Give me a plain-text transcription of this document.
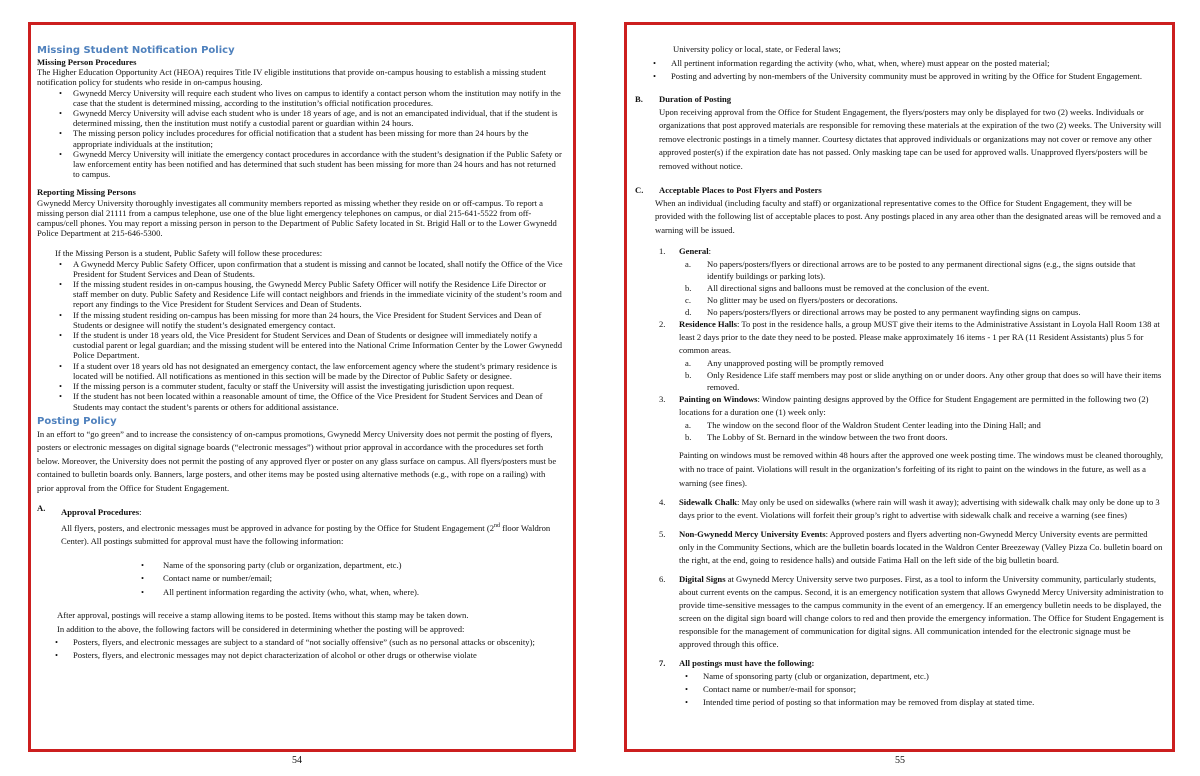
Missing Student Notification Policy

Missing Person Procedures

The Higher Education Opportunity Act (HEOA) requires Title IV eligible institutions that provide on-campus housing to establish a missing student notification policy for students who reside in on-campus housing.

• Gwynedd Mercy University will require each student who lives on campus to identify a contact person whom the institution may notify in the case that the student is determined missing, according to the institution’s official notification procedures.
• Gwynedd Mercy University will advise each student who is under 18 years of age, and is not an emancipated individual, that if the student is determined missing, then the institution must notify a custodial parent or guardian within 24 hours.
• The missing person policy includes procedures for official notification that a student has been missing for more than 24 hours by the appropriate individuals at the institution;
• Gwynedd Mercy University will initiate the emergency contact procedures in accordance with the student’s designation if the Public Safety or law enforcement entity has been notified and has determined that such student has been missing for more than 24 hours and has not returned to campus.

Reporting Missing Persons

Gwynedd Mercy University thoroughly investigates all community members reported as missing whether they reside on or off-campus. To report a missing person dial 21111 from a campus telephone, use one of the blue light emergency telephones on campus, or dial 215-641-5522 from off-campus/cell phones. You may report a missing person in person to the Department of Public Safety located in St. Brigid Hall or to the Lower Gwynedd Police Department at 215-646-5300.

If the Missing Person is a student, Public Safety will follow these procedures:

• A Gwynedd Mercy Public Safety Officer, upon confirmation that a student is missing and cannot be located, shall notify the Office of the Vice President for Student Services and Dean of Students.
• If the missing student resides in on-campus housing, the Gwynedd Mercy Public Safety Officer will notify the Residence Life Director or staff member on duty. Public Safety and Residence Life will contact neighbors and friends in the immediate vicinity of the student’s room and report any findings to the Vice President for Student Services and Dean of Students.
• If the missing student residing on-campus has been missing for more than 24 hours, the Vice President for Student Services and Dean of Students or designee will notify the student’s designated emergency contact.
• If the student is under 18 years old, the Vice President for Student Services and Dean of Students or designee will immediately notify a custodial parent or legal guardian; and the missing student will be entered into the National Crime Information Center by the Lower Gwynedd Police Department.
• If a student over 18 years old has not designated an emergency contact, the law enforcement agency where the student’s primary residence is located will be notified. All notifications as mentioned in this section will be made by the Director of Public Safety or designee.
• If the missing person is a commuter student, faculty or staff the University will assist the investigating jurisdiction upon request.
• If the student has not been located within a reasonable amount of time, the Office of the Vice President for Student Services and Dean of Students may contact the student’s parents or others for additional assistance.

Posting Policy

In an effort to “go green” and to increase the consistency of on-campus promotions, Gwynedd Mercy University does not permit the posting of flyers, posters or electronic messages on digital signage boards (“electronic messages”) without prior approval in accordance with the procedures set forth below. Moreover, the University does not permit the posting of any approved flyer or poster on any glass surface on campus. All flyers/posters must be contained to bulletin boards only. Banners, large posters, and other items may be posted using alternative methods (e.g., with rope on a railing) with prior approval from the Office for Student Engagement.

A. Approval Procedures:

All flyers, posters, and electronic messages must be approved in advance for posting by the Office for Student Engagement (2nd floor Waldron Center). All postings submitted for approval must have the following information:

• Name of the sponsoring party (club or organization, department, etc.)
• Contact name or number/email;
• All pertinent information regarding the activity (who, what, when, where).

After approval, postings will receive a stamp allowing items to be posted. Items without this stamp may be taken down.

In addition to the above, the following factors will be considered in determining whether the posting will be approved:

• Posters, flyers, and electronic messages are subject to a standard of “not socially offensive” (such as no personal attacks or obscenity);
• Posters, flyers, and electronic messages may not depict characterization of alcohol or other drugs or otherwise violate
54

University policy or local, state, or Federal laws;

• All pertinent information regarding the activity (who, what, when, where) must appear on the posted material;
• Posting and adverting by non-members of the University community must be approved in writing by the Office for Student Engagement.
B. Duration of Posting

Upon receiving approval from the Office for Student Engagement, the flyers/posters may only be displayed for two (2) weeks. Individuals or organizations that post approved materials are responsible for removing these materials at the expiration of the two (2) weeks. The University will remove electronic postings in a timely manner. Courtesy dictates that approved individuals or organizations may not cover or remove any other approved poster(s) if the expiration date has not passed. Only masking tape can be used for approved walls. Unapproved flyers/posters will be removed without notice.

C. Acceptable Places to Post Flyers and Posters

When an individual (including faculty and staff) or organizational representative comes to the Office for Student Engagement, they will be provided with the following list of acceptable places to post. Any postings placed in any area other than the designated areas will be removed and a warning will be issued.

1. General:
a. No papers/posters/flyers or directional arrows are to be posted to any permanent directional signs (e.g., the signs outside that identify buildings or parking lots).
b. All directional signs and balloons must be removed at the conclusion of the event.
c. No glitter may be used on flyers/posters or decorations.
d. No papers/posters/flyers or directional arrows may be posted to any permanent wayfinding signs on campus.
2. Residence Halls: To post in the residence halls, a group MUST give their items to the Administrative Assistant in Loyola Hall Room 138 at least 2 days prior to the date they need to be posted. Please make approximately 16 items - 1 per RA (11 Resident Assistants) plus 5 for common areas.
a. Any unapproved posting will be promptly removed
b. Only Residence Life staff members may post or slide anything on or under doors. Any other group that does so will have their items removed.
3. Painting on Windows: Window painting designs approved by the Office for Student Engagement are permitted in the following two (2) locations for a duration one (1) week only:
a. The window on the second floor of the Waldron Student Center leading into the Dining Hall; and
b. The Lobby of St. Bernard in the window between the two front doors.

Painting on windows must be removed within 48 hours after the approved one week posting time. The windows must be cleaned thoroughly, with no trace of paint. Violations will result in the organization’s forfeiting of its right to paint on the windows in the future, as well as a warning (see fines).

4. Sidewalk Chalk: May only be used on sidewalks (where rain will wash it away); advertising with sidewalk chalk may only be done up to 3 days prior to the event. Violations will forfeit their group’s right to advertise with sidewalk chalk and receive a warning (see fines)
5. Non-Gwynedd Mercy University Events: Approved posters and flyers adverting non-Gwynedd Mercy University events are permitted only in the Community Sections, which are the bulletin boards located in the Waldron Center Breezeway (Valley Pizza Co. bulletin board on the right, at the end, going to residence halls) and outside Fatima Hall on the left side of the big bulletin board.
6. Digital Signs at Gwynedd Mercy University serve two purposes. First, as a tool to inform the University community, particularly students, about current events on the campus. Second, it is an emergency notification system that allows Gwynedd Mercy University administration to provide time-sensitive messages to the campus community in the event of an emergency. If an emergency bulletin needs to be displayed, the screen on the digital sign board will change colors to red and then provide the emergency information. The Office for Student Engagement is responsible for the management of communication for digital signs. All communication intended for the electronic signage must be approved through this office.
7. All postings must have the following:
• Name of sponsoring party (club or organization, department, etc.)
• Contact name or number/e-mail for sponsor;
• Intended time period of posting so that information may be removed from display at stated time.
55
